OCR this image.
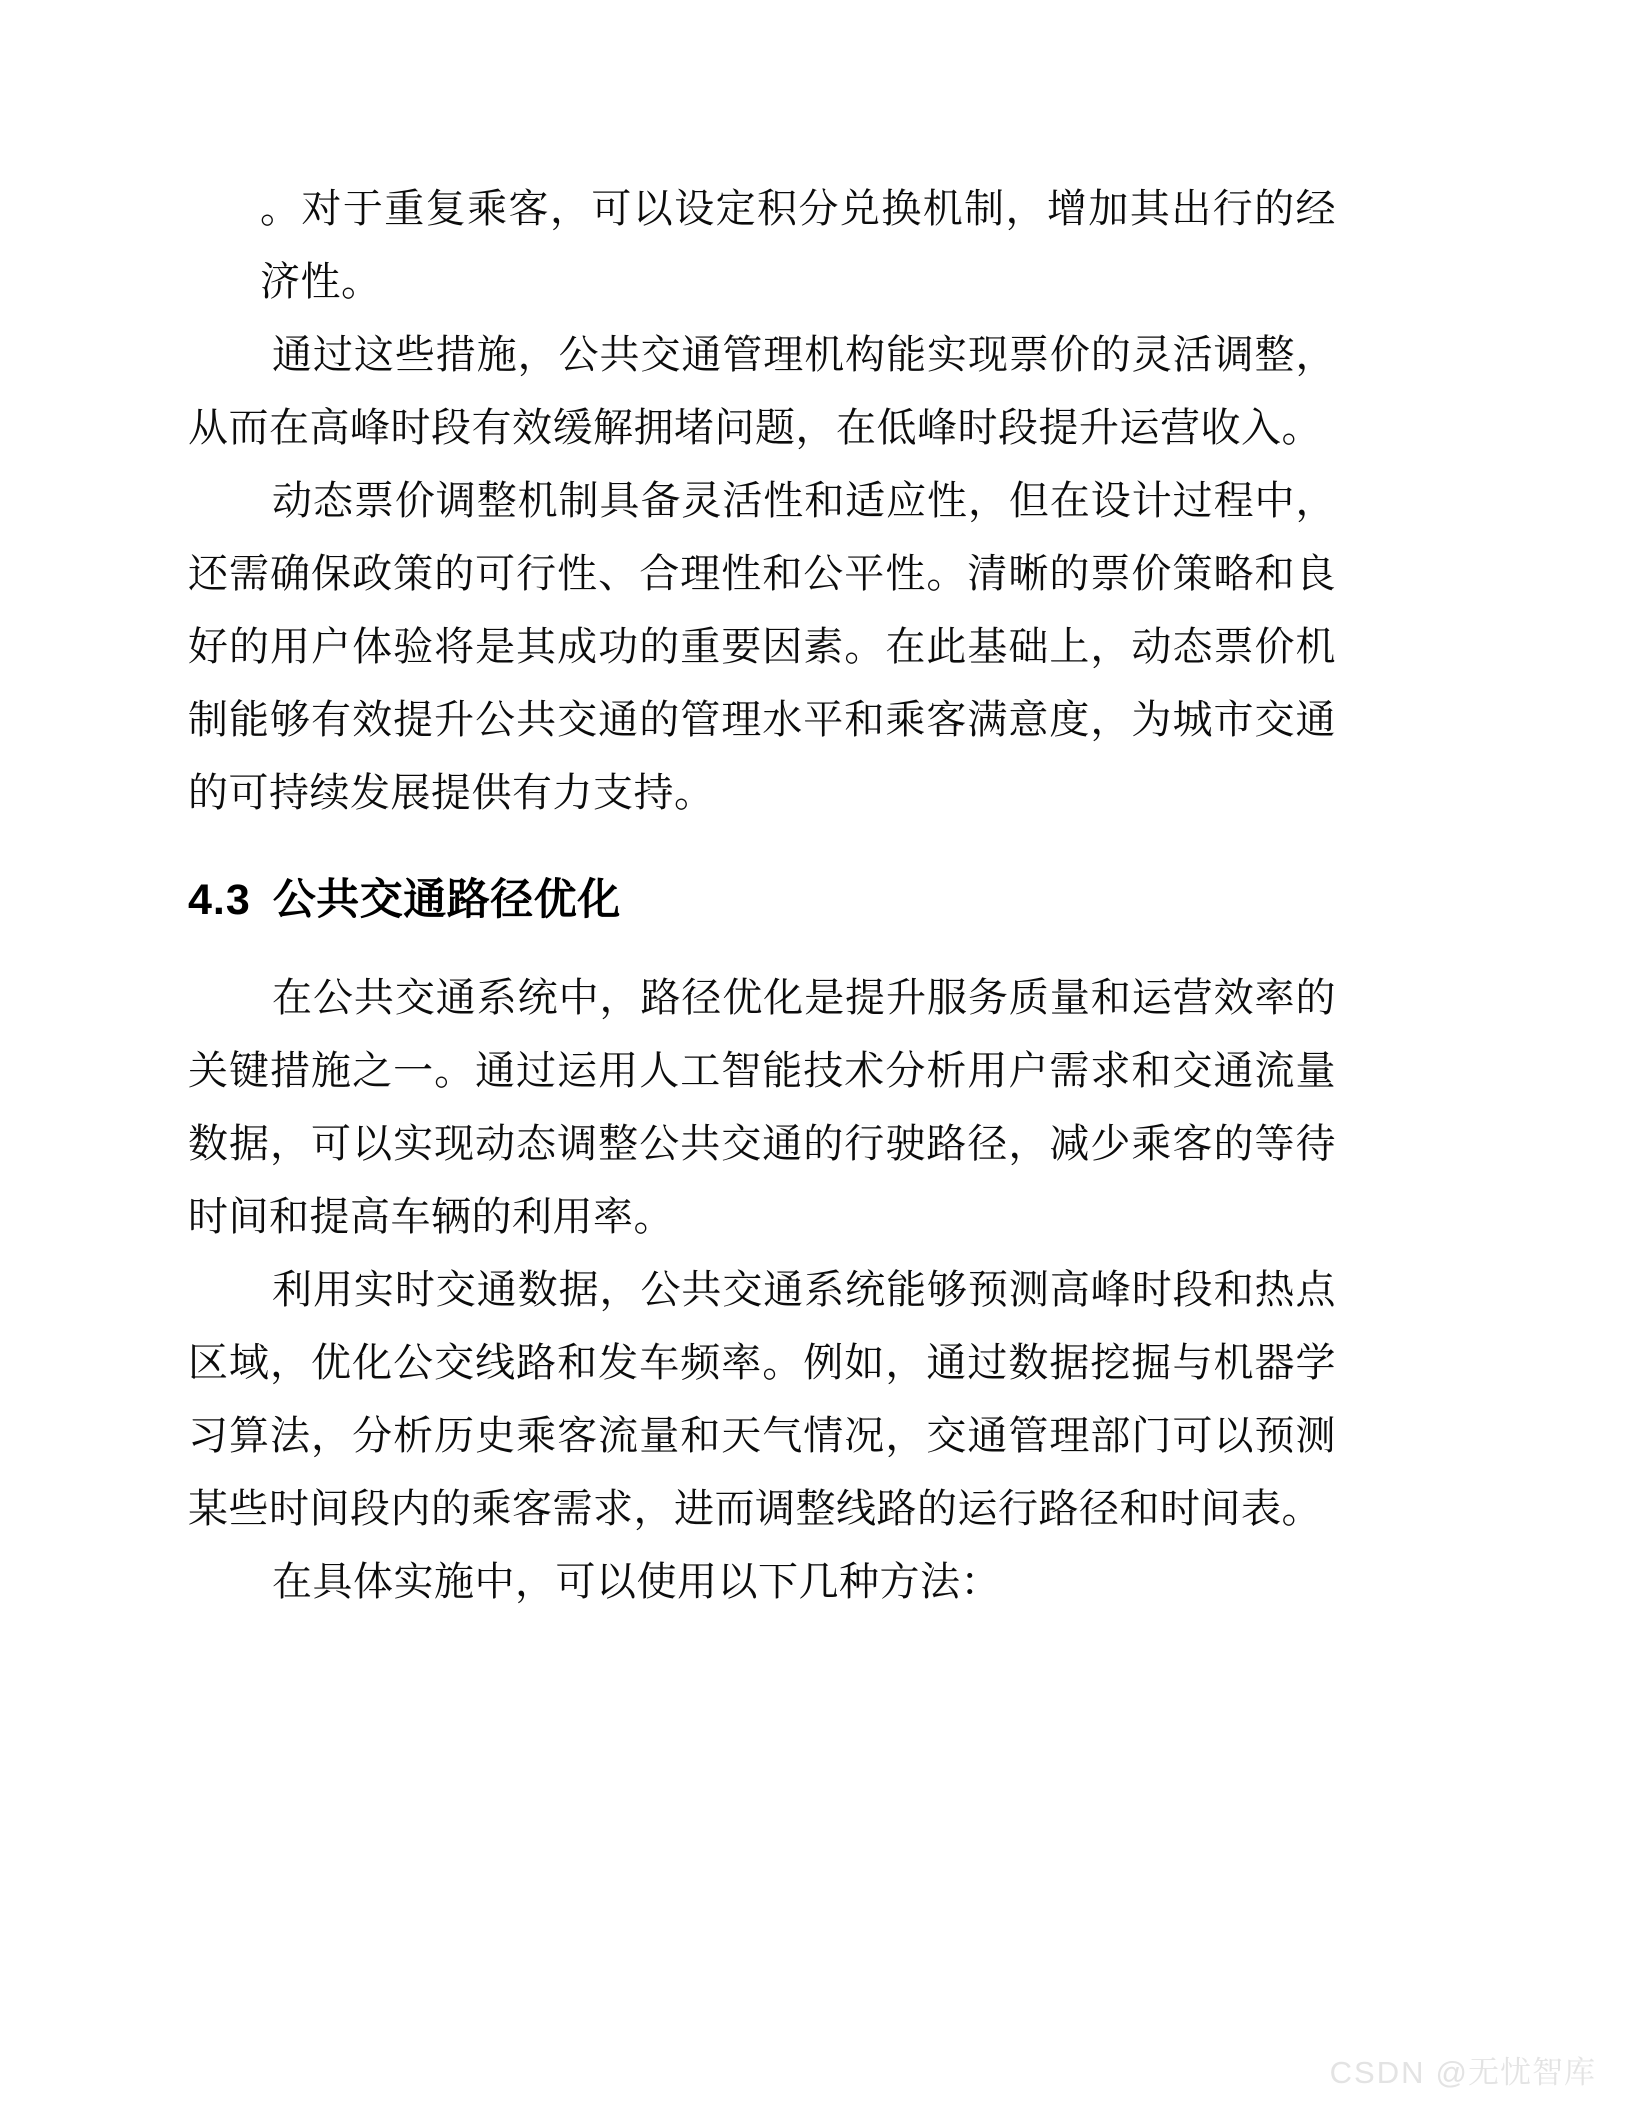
。对于重复乘客，可以设定积分兑换机制，增加其出行的经济性。

通过这些措施，公共交通管理机构能实现票价的灵活调整，从而在高峰时段有效缓解拥堵问题，在低峰时段提升运营收入。

动态票价调整机制具备灵活性和适应性，但在设计过程中，还需确保政策的可行性、合理性和公平性。清晰的票价策略和良好的用户体验将是其成功的重要因素。在此基础上，动态票价机制能够有效提升公共交通的管理水平和乘客满意度，为城市交通的可持续发展提供有力支持。

4.3 公共交通路径优化

在公共交通系统中，路径优化是提升服务质量和运营效率的关键措施之一。通过运用人工智能技术分析用户需求和交通流量数据，可以实现动态调整公共交通的行驶路径，减少乘客的等待时间和提高车辆的利用率。

利用实时交通数据，公共交通系统能够预测高峰时段和热点区域，优化公交线路和发车频率。例如，通过数据挖掘与机器学习算法，分析历史乘客流量和天气情况，交通管理部门可以预测某些时间段内的乘客需求，进而调整线路的运行路径和时间表。

在具体实施中，可以使用以下几种方法：

CSDN @无忧智库
